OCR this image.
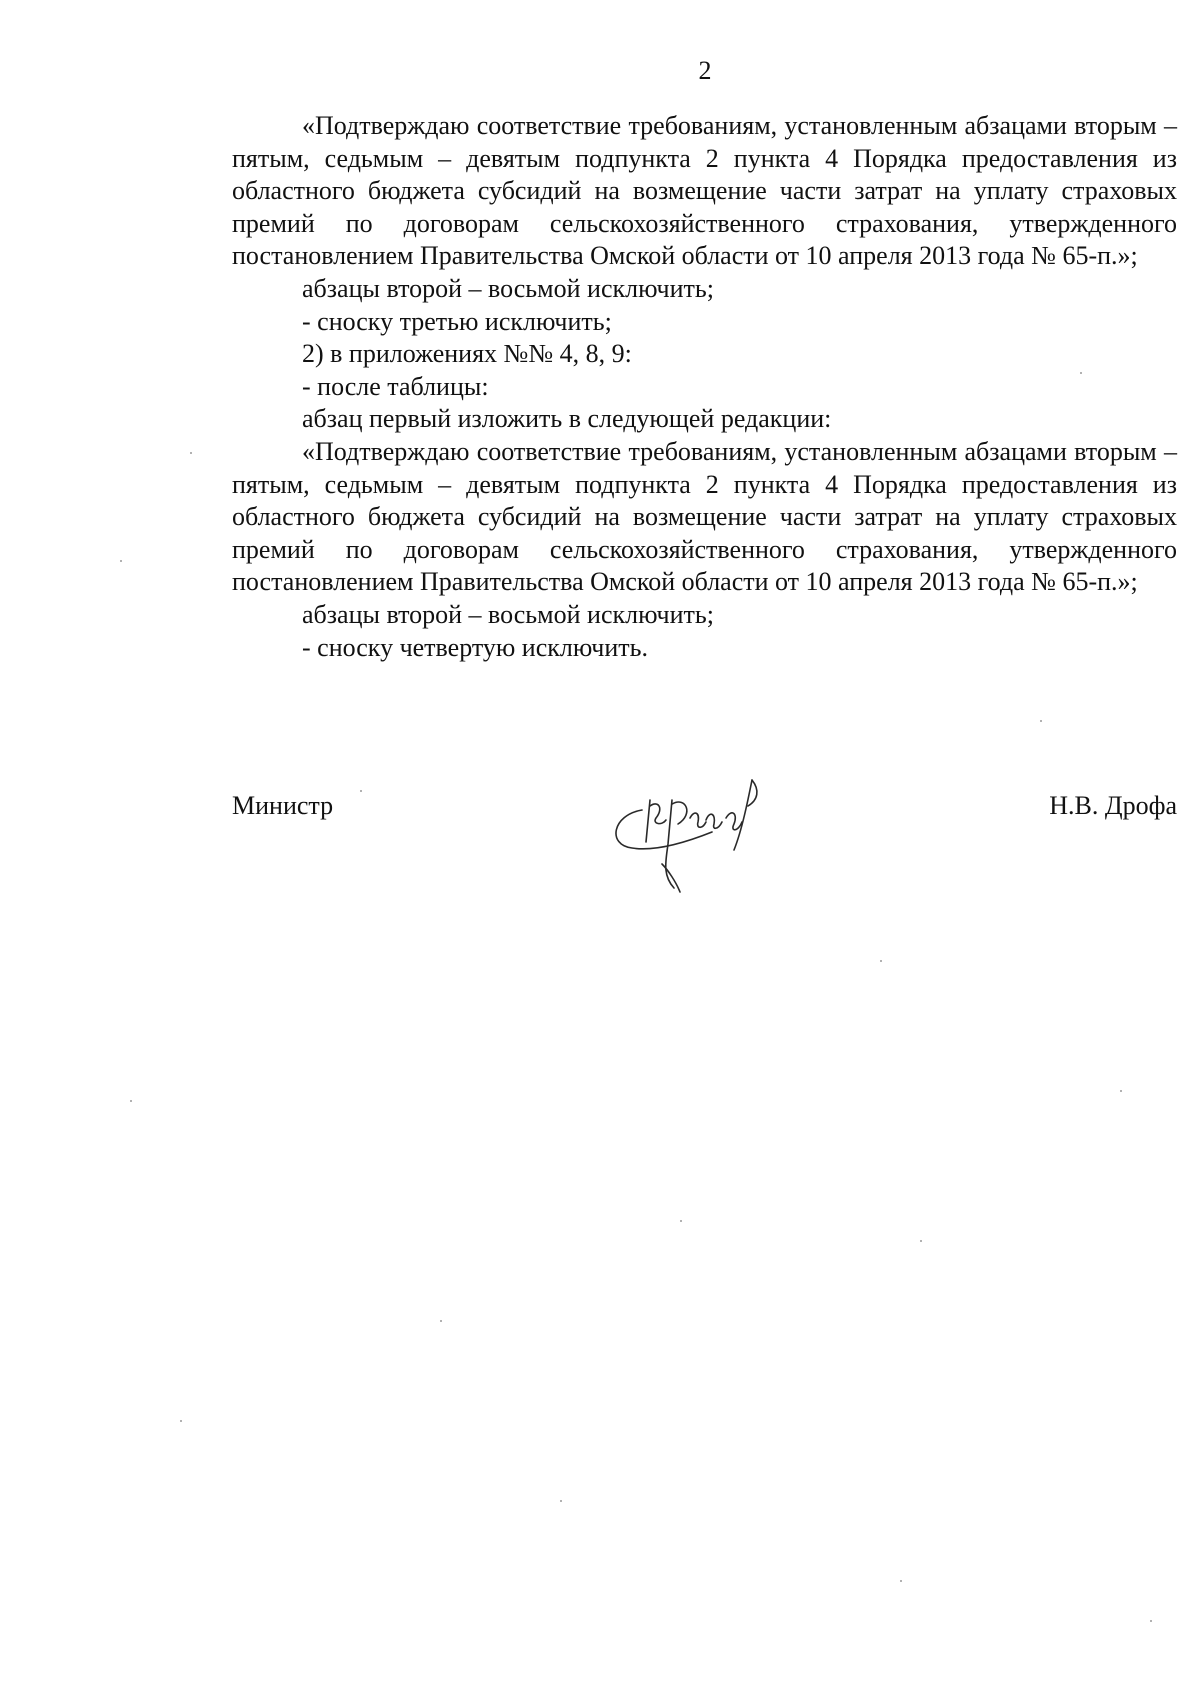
2

«Подтверждаю соответствие требованиям, установленным абзацами вторым – пятым, седьмым – девятым подпункта 2 пункта 4 Порядка предоставления из областного бюджета субсидий на возмещение части затрат на уплату страховых премий по договорам сельскохозяйственного страхования, утвержденного постановлением Правительства Омской области от 10 апреля 2013 года № 65-п.»;

абзацы второй – восьмой исключить;

- сноску третью исключить;

2) в приложениях №№ 4, 8, 9:

- после таблицы:

абзац первый изложить в следующей редакции:

«Подтверждаю соответствие требованиям, установленным абзацами вторым – пятым, седьмым – девятым подпункта 2 пункта 4 Порядка предоставления из областного бюджета субсидий на возмещение части затрат на уплату страховых премий по договорам сельскохозяйственного страхования, утвержденного постановлением Правительства Омской области от 10 апреля 2013 года № 65-п.»;

абзацы второй – восьмой исключить;

- сноску четвертую исключить.

Министр	Н.В. Дрофа
